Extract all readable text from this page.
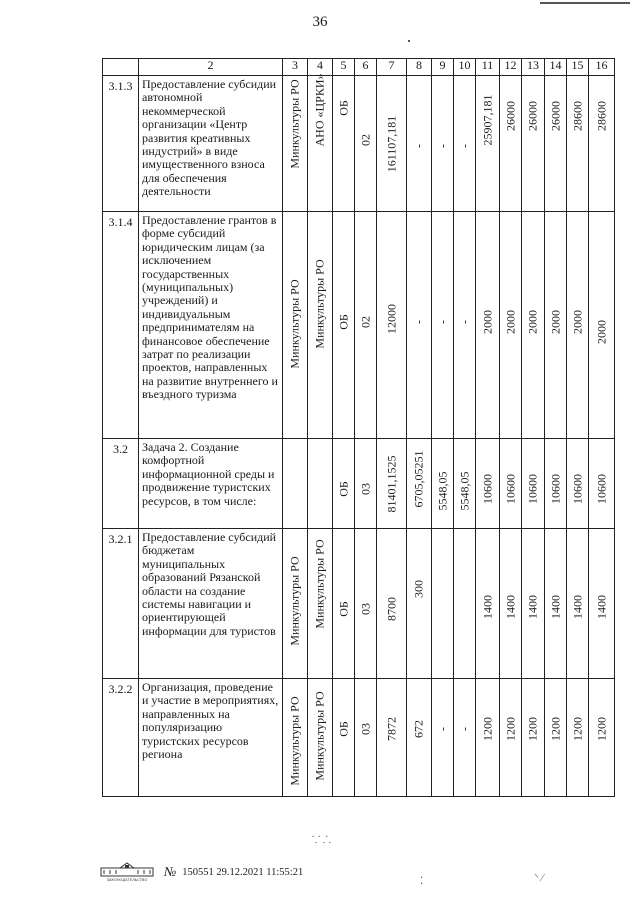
36
	2	3	4	5	6	7	8	9	10	11	12	13	14	15	16
3.1.3	Предоставление субсидии автономной некоммерческой организации «Центр развития креативных индустрий» в виде имущественного взноса для обеспечения деятельности	Минкультуры РО	АНО «ЦРКИ»	ОБ	02	161107,181	-	-	-	25907,181	26000	26000	26000	28600	28600

3.1.4	Предоставление грантов в форме субсидий юридическим лицам (за исключением государственных (муниципальных) учреждений) и индивидуальным предпринимателям на финансовое обеспечение затрат по реализации проектов, направленных на развитие внутреннего и въездного туризма	Минкультуры РО	Минкультуры РО	ОБ	02	12000	-	-	-	2000	2000	2000	2000	2000	2000

3.2	Задача 2. Создание комфортной информационной среды и продвижение туристских ресурсов, в том числе:			ОБ	03	81401,1525	6705,05251	5548,05	5548,05	10600	10600	10600	10600	10600	10600

3.2.1	Предоставление субсидий бюджетам муниципальных образований Рязанской области на создание системы навигации и ориентирующей информации для туристов	Минкультуры РО	Минкультуры РО	ОБ	03	8700	300			1400	1400	1400	1400	1400	1400

3.2.2	Организация, проведение и участие в мероприятиях, направленных на популяризацию туристских ресурсов региона	Минкультуры РО	Минкультуры РО	ОБ	03	7872	672	-	-	1200	1200	1200	1200	1200	1200
⸪ ⸫
⁚	⸌ ⁄
ЗАКОНОДАТЕЛЬСТВО
№ 150551 29.12.2021 11:55:21
